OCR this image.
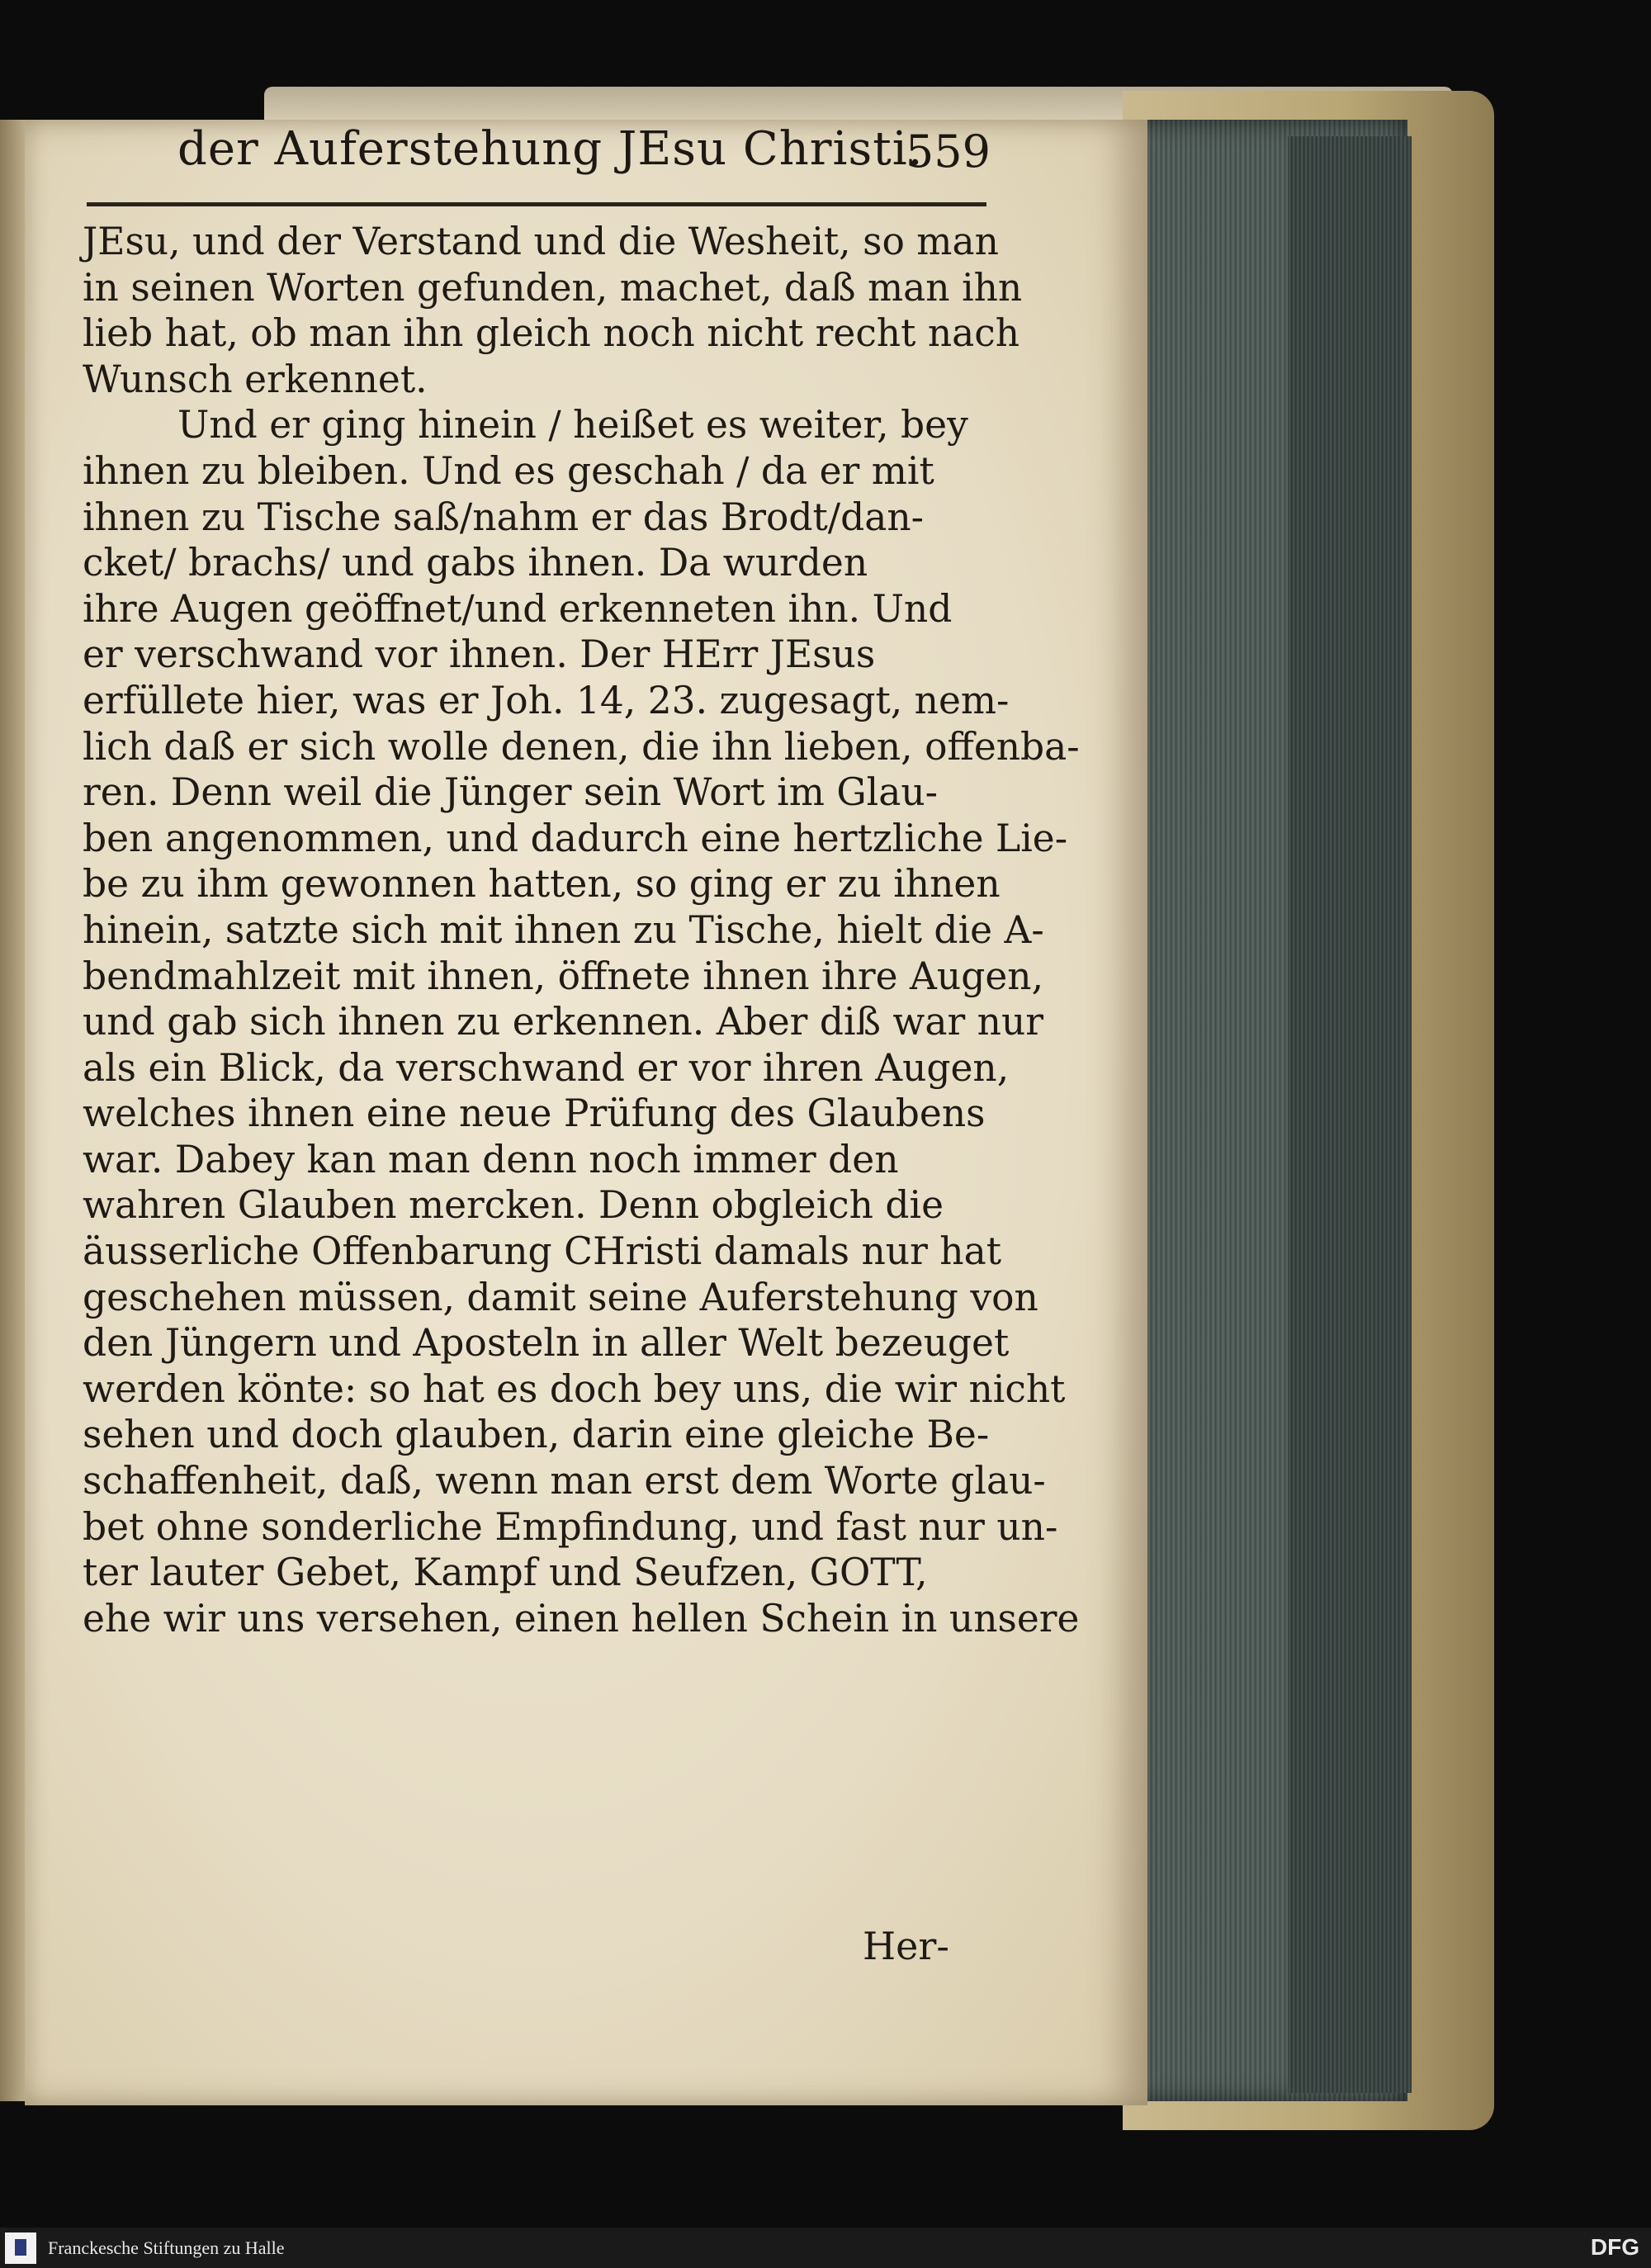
der Auferstehung JEsu Christi.
559
JEsu, und der Verstand und die Wesheit, so man
in seinen Worten gefunden, machet, daß man ihn
lieb hat, ob man ihn gleich noch nicht recht nach
Wunsch erkennet.
Und er ging hinein / heißet es weiter, bey
ihnen zu bleiben. Und es geschah / da er mit
ihnen zu Tische saß/nahm er das Brodt/dan-
cket/ brachs/ und gabs ihnen. Da wurden
ihre Augen geöffnet/und erkenneten ihn. Und
er verschwand vor ihnen. Der HErr JEsus
erfüllete hier, was er Joh. 14, 23. zugesagt, nem-
lich daß er sich wolle denen, die ihn lieben, offenba-
ren. Denn weil die Jünger sein Wort im Glau-
ben angenommen, und dadurch eine hertzliche Lie-
be zu ihm gewonnen hatten, so ging er zu ihnen
hinein, satzte sich mit ihnen zu Tische, hielt die A-
bendmahlzeit mit ihnen, öffnete ihnen ihre Augen,
und gab sich ihnen zu erkennen. Aber diß war nur
als ein Blick, da verschwand er vor ihren Augen,
welches ihnen eine neue Prüfung des Glaubens
war. Dabey kan man denn noch immer den
wahren Glauben mercken. Denn obgleich die
äusserliche Offenbarung CHristi damals nur hat
geschehen müssen, damit seine Auferstehung von
den Jüngern und Aposteln in aller Welt bezeuget
werden könte: so hat es doch bey uns, die wir nicht
sehen und doch glauben, darin eine gleiche Be-
schaffenheit, daß, wenn man erst dem Worte glau-
bet ohne sonderliche Empfindung, und fast nur un-
ter lauter Gebet, Kampf und Seufzen, GOTT,
ehe wir uns versehen, einen hellen Schein in unsere
Her-
Franckesche Stiftungen zu Halle	DFG
